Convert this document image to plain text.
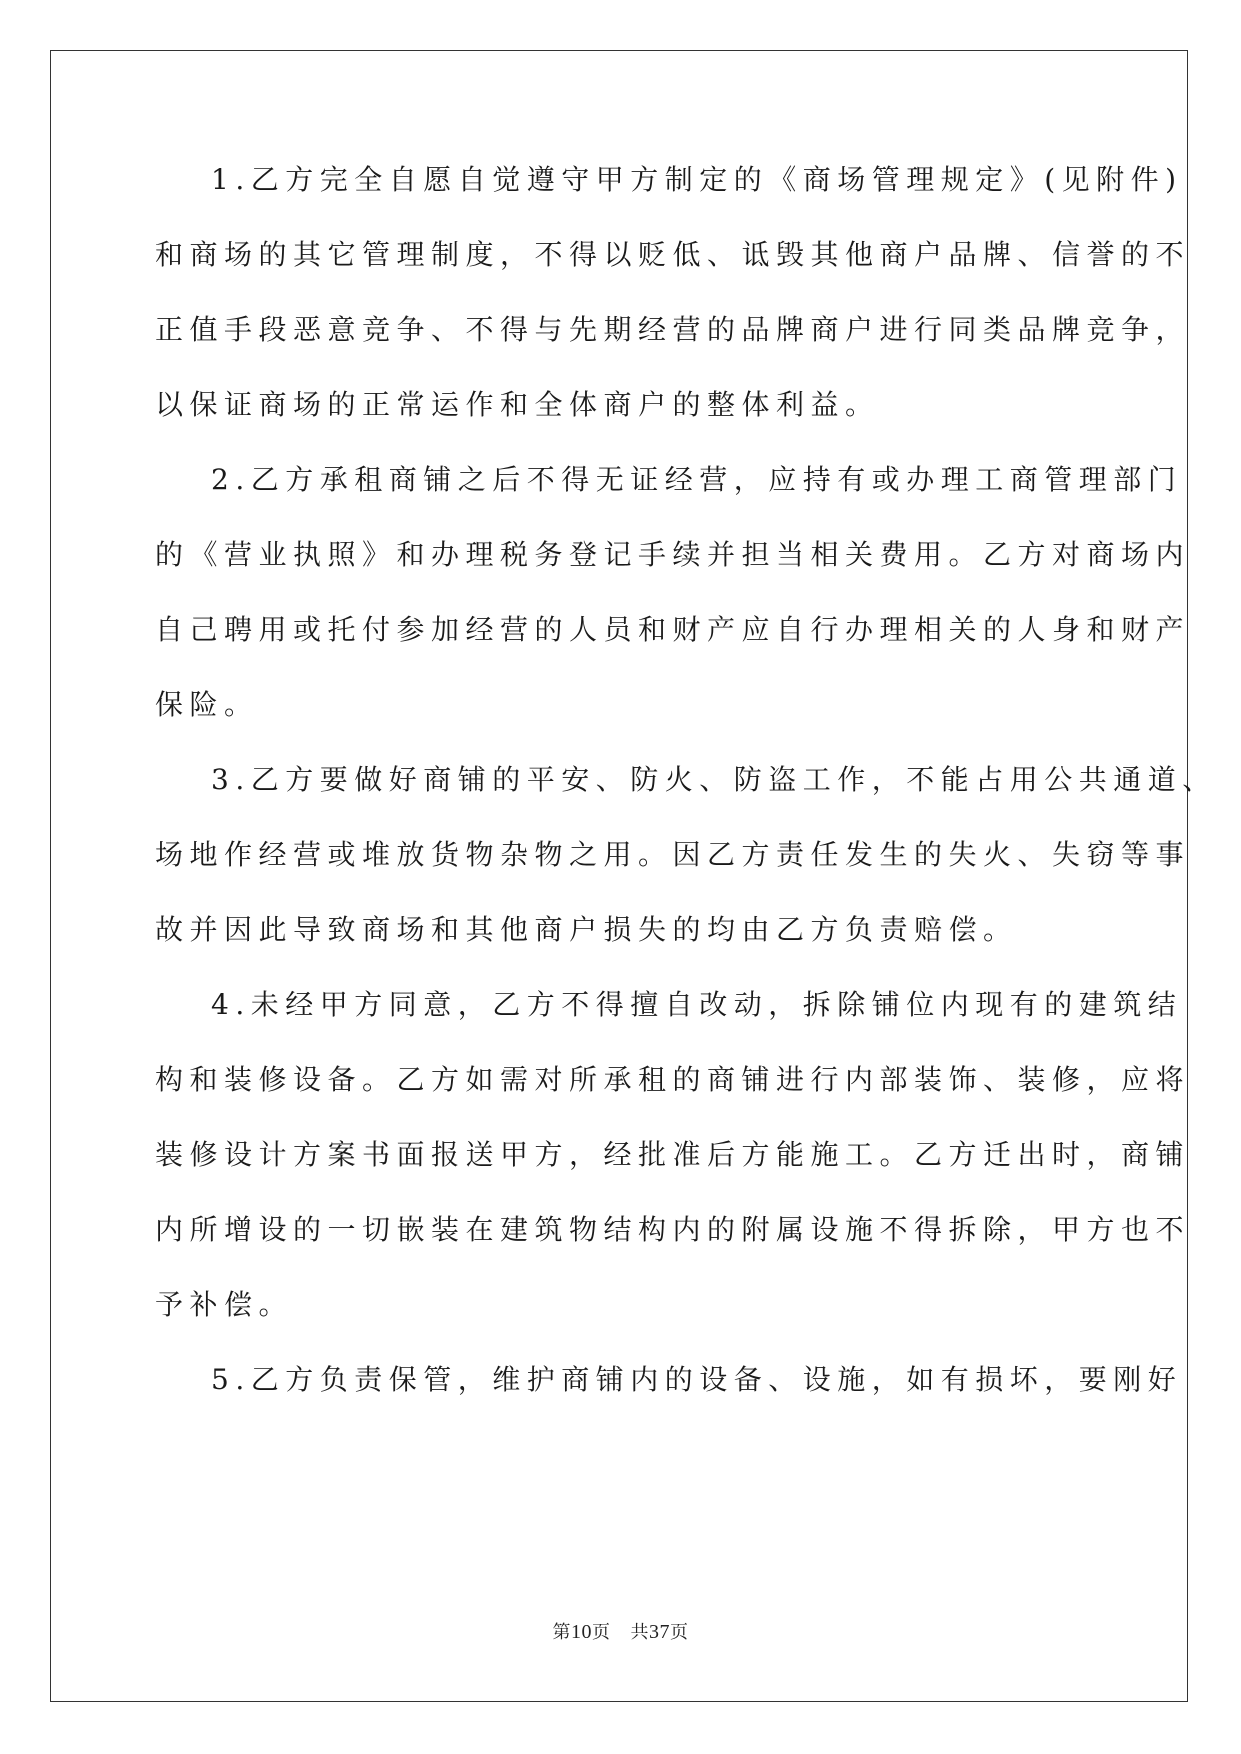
1.乙方完全自愿自觉遵守甲方制定的《商场管理规定》(见附件)
和商场的其它管理制度，不得以贬低、诋毁其他商户品牌、信誉的不
正值手段恶意竞争、不得与先期经营的品牌商户进行同类品牌竞争，
以保证商场的正常运作和全体商户的整体利益。
2.乙方承租商铺之后不得无证经营，应持有或办理工商管理部门
的《营业执照》和办理税务登记手续并担当相关费用。乙方对商场内
自己聘用或托付参加经营的人员和财产应自行办理相关的人身和财产
保险。
3.乙方要做好商铺的平安、防火、防盗工作，不能占用公共通道、
场地作经营或堆放货物杂物之用。因乙方责任发生的失火、失窃等事
故并因此导致商场和其他商户损失的均由乙方负责赔偿。
4.未经甲方同意，乙方不得擅自改动，拆除铺位内现有的建筑结
构和装修设备。乙方如需对所承租的商铺进行内部装饰、装修，应将
装修设计方案书面报送甲方，经批准后方能施工。乙方迁出时，商铺
内所增设的一切嵌装在建筑物结构内的附属设施不得拆除，甲方也不
予补偿。
5.乙方负责保管，维护商铺内的设备、设施，如有损坏，要刚好
第10页 共37页
